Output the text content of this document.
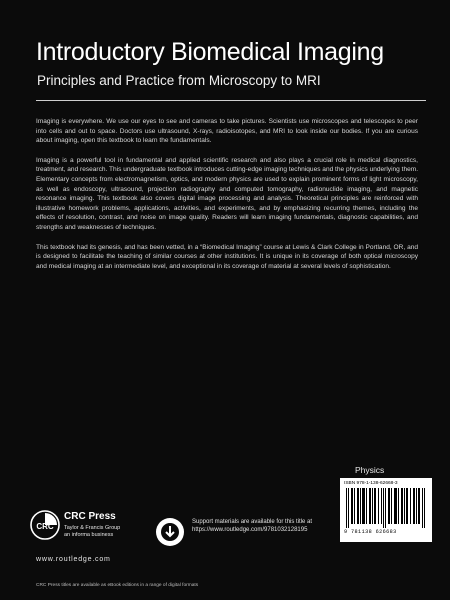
Introductory Biomedical Imaging
Principles and Practice from Microscopy to MRI

Imaging is everywhere. We use our eyes to see and cameras to take pictures. Scientists use microscopes and telescopes to peer into cells and out to space. Doctors use ultrasound, X-rays, radioisotopes, and MRI to look inside our bodies. If you are curious about imaging, open this textbook to learn the fundamentals.

Imaging is a powerful tool in fundamental and applied scientific research and also plays a crucial role in medical diagnostics, treatment, and research. This undergraduate textbook introduces cutting-edge imaging techniques and the physics underlying them. Elementary concepts from electromagnetism, optics, and modern physics are used to explain prominent forms of light microscopy, as well as endoscopy, ultrasound, projection radiography and computed tomography, radionuclide imaging, and magnetic resonance imaging. This textbook also covers digital image processing and analysis. Theoretical principles are reinforced with illustrative homework problems, applications, activities, and experiments, and by emphasizing recurring themes, including the effects of resolution, contrast, and noise on image quality. Readers will learn imaging fundamentals, diagnostic capabilities, and strengths and weaknesses of techniques.

This textbook had its genesis, and has been vetted, in a “Biomedical Imaging” course at Lewis & Clark College in Portland, OR, and is designed to facilitate the teaching of similar courses at other institutions. It is unique in its coverage of both optical microscopy and medical imaging at an intermediate level, and exceptional in its coverage of material at several levels of sophistication.

Physics
ISBN 978-1-138-62668-3
9 781138 626683
CRC
CRC Press
Taylor & Francis Group
an informa business
www.routledge.com
CRC Press titles are available as eBook editions in a range of digital formats
Support materials are available for this title at https://www.routledge.com/9781032128195
